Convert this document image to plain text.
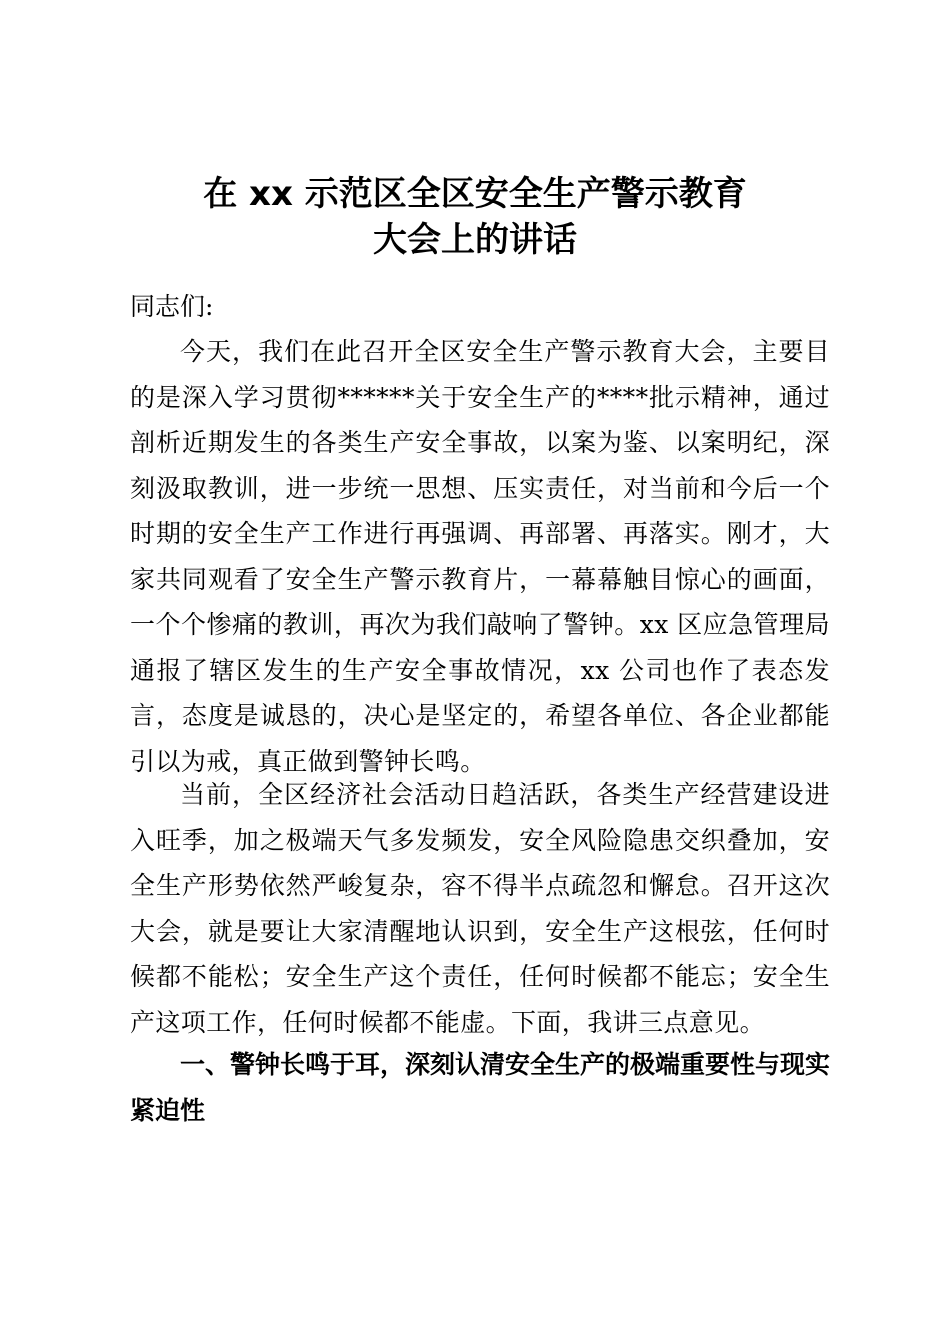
在 xx 示范区全区安全生产警示教育
大会上的讲话

同志们:

今天，我们在此召开全区安全生产警示教育大会，主要目的是深入学习贯彻******关于安全生产的****批示精神，通过剖析近期发生的各类生产安全事故，以案为鉴、以案明纪，深刻汲取教训，进一步统一思想、压实责任，对当前和今后一个时期的安全生产工作进行再强调、再部署、再落实。刚才，大家共同观看了安全生产警示教育片，一幕幕触目惊心的画面，一个个惨痛的教训，再次为我们敲响了警钟。xx 区应急管理局通报了辖区发生的生产安全事故情况，xx 公司也作了表态发言，态度是诚恳的，决心是坚定的，希望各单位、各企业都能引以为戒，真正做到警钟长鸣。

当前，全区经济社会活动日趋活跃，各类生产经营建设进入旺季，加之极端天气多发频发，安全风险隐患交织叠加，安全生产形势依然严峻复杂，容不得半点疏忽和懈怠。召开这次大会，就是要让大家清醒地认识到，安全生产这根弦，任何时候都不能松；安全生产这个责任，任何时候都不能忘；安全生产这项工作，任何时候都不能虚。下面，我讲三点意见。

一、警钟长鸣于耳，深刻认清安全生产的极端重要性与现实紧迫性
